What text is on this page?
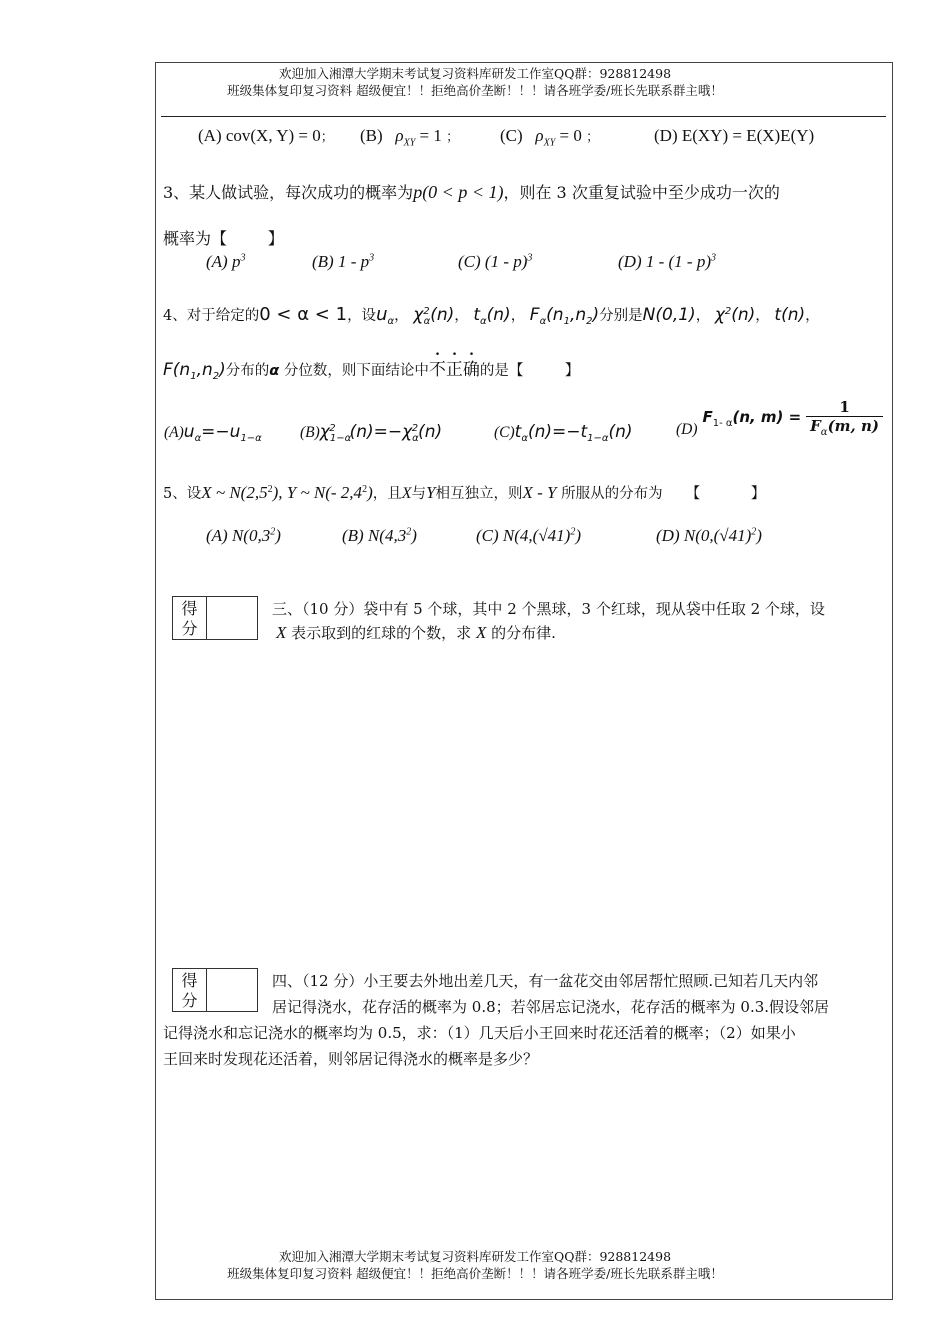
欢迎加入湘潭大学期末考试复习资料库研发工作室QQ群：928812498
班级集体复印复习资料 超级便宜！！拒绝高价垄断！！！请各班学委/班长先联系群主哦！
(A) cov(X, Y) = 0； (B) $\rho_{XY} = 1$ ； (C) $\rho_{XY} = 0$ ；	(D) E(XY) = E(X)E(Y)
3、某人做试验，每次成功的概率为p(0 < p < 1)，则在 3 次重复试验中至少成功一次的
概率为【	】
(A) $p^3$	(B) $1 - p^3$	(C) (1 - p)$^3$	(D) 1 - (1 - p)$^3$
4、对于给定的0 < α < 1，设$u_\alpha$， $\chi^2_\alpha(n)$， $t_\alpha(n)$， $F_\alpha(n_1,n_2)$分别是N(0,1)， $\chi^2(n)$， t(n)，
$F(n_1,n_2)$分布的α 分位数，则下面结论中不正确的是【	】
$(A)u_\alpha=-u_{1-\alpha}$ $(B)\chi_{1-\alpha}^2$ $(n)=-\chi_\alpha^2(n)$	$(C)t_\alpha(n)=-t_{1-\alpha}(n)$	(D) $F_{1- \alpha}(n$, $m) = \frac{1}{F_\alpha(m, n)}$
5、设X ~ $N(2,5^2)$, Y ~ N(- $2,4^2$)，且X与Y相互独立，则X - Y 所服从的分布为 【	】
(A) $N(0,3^2)$	(B) $N(4,3^2)$	(C) $N(4,(√41)^2)$	(D) $N(0,(√41)^2)$
得
分
三、（10 分）袋中有 5 个球，其中 2 个黑球，3 个红球，现从袋中任取 2 个球，设
X 表示取到的红球的个数，求 X 的分布律.
得
分
四、（12 分）小王要去外地出差几天，有一盆花交由邻居帮忙照顾.已知若几天内邻
居记得浇水，花存活的概率为 0.8；若邻居忘记浇水，花存活的概率为 0.3.假设邻居
记得浇水和忘记浇水的概率均为 0.5，求：（1）几天后小王回来时花还活着的概率；（2）如果小
王回来时发现花还活着，则邻居记得浇水的概率是多少？
欢迎加入湘潭大学期末考试复习资料库研发工作室QQ群：928812498
班级集体复印复习资料 超级便宜！！拒绝高价垄断！！！请各班学委/班长先联系群主哦！
